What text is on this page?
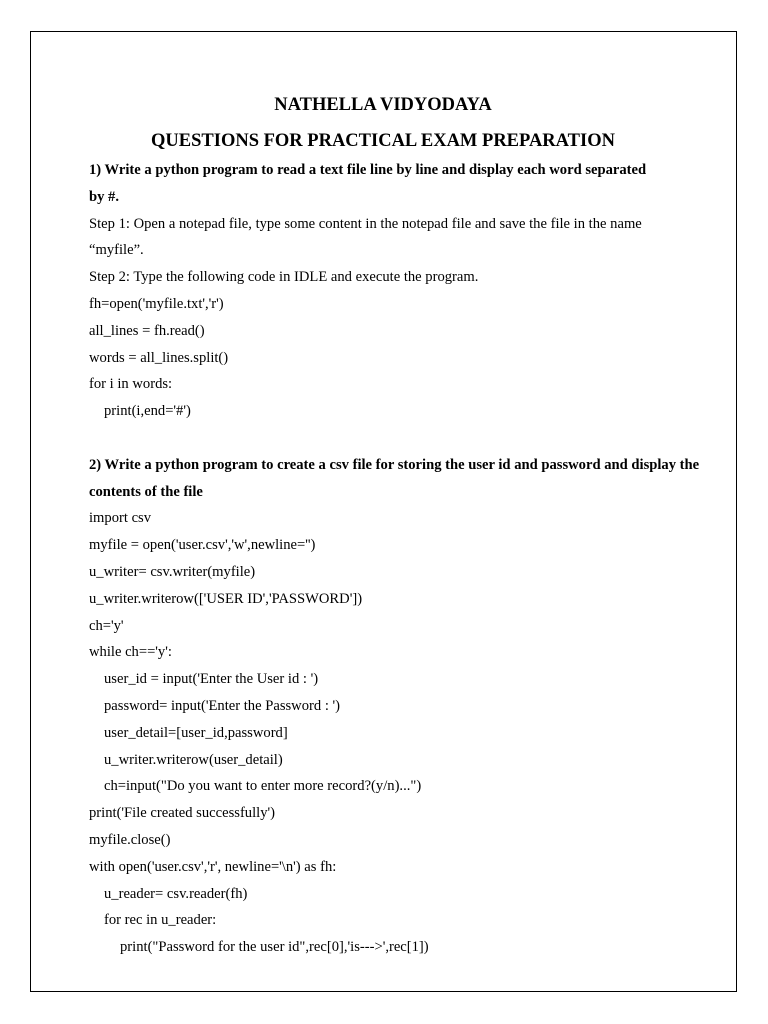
NATHELLA VIDYODAYA

QUESTIONS FOR PRACTICAL EXAM PREPARATION

1) Write a python program to read a text file line by line and display each word separated

by #.

Step 1: Open a notepad file, type some content in the notepad file and save the file in the name

“myfile”.

Step 2: Type the following code in IDLE and execute the program.

fh=open('myfile.txt','r')

all_lines = fh.read()

words = all_lines.split()

for i in words:

print(i,end='#')

2) Write a python program to create a csv file for storing the user id and password and display the

contents of the file

import csv

myfile = open('user.csv','w',newline='')

u_writer= csv.writer(myfile)

u_writer.writerow(['USER ID','PASSWORD'])

ch='y'

while ch=='y':

user_id = input('Enter the User id : ')

password= input('Enter the Password : ')

user_detail=[user_id,password]

u_writer.writerow(user_detail)

ch=input("Do you want to enter more record?(y/n)...")

print('File created successfully')

myfile.close()

with open('user.csv','r', newline='\n') as fh:

u_reader= csv.reader(fh)

for rec in u_reader:

print("Password for the user id",rec[0],'is--->',rec[1])
